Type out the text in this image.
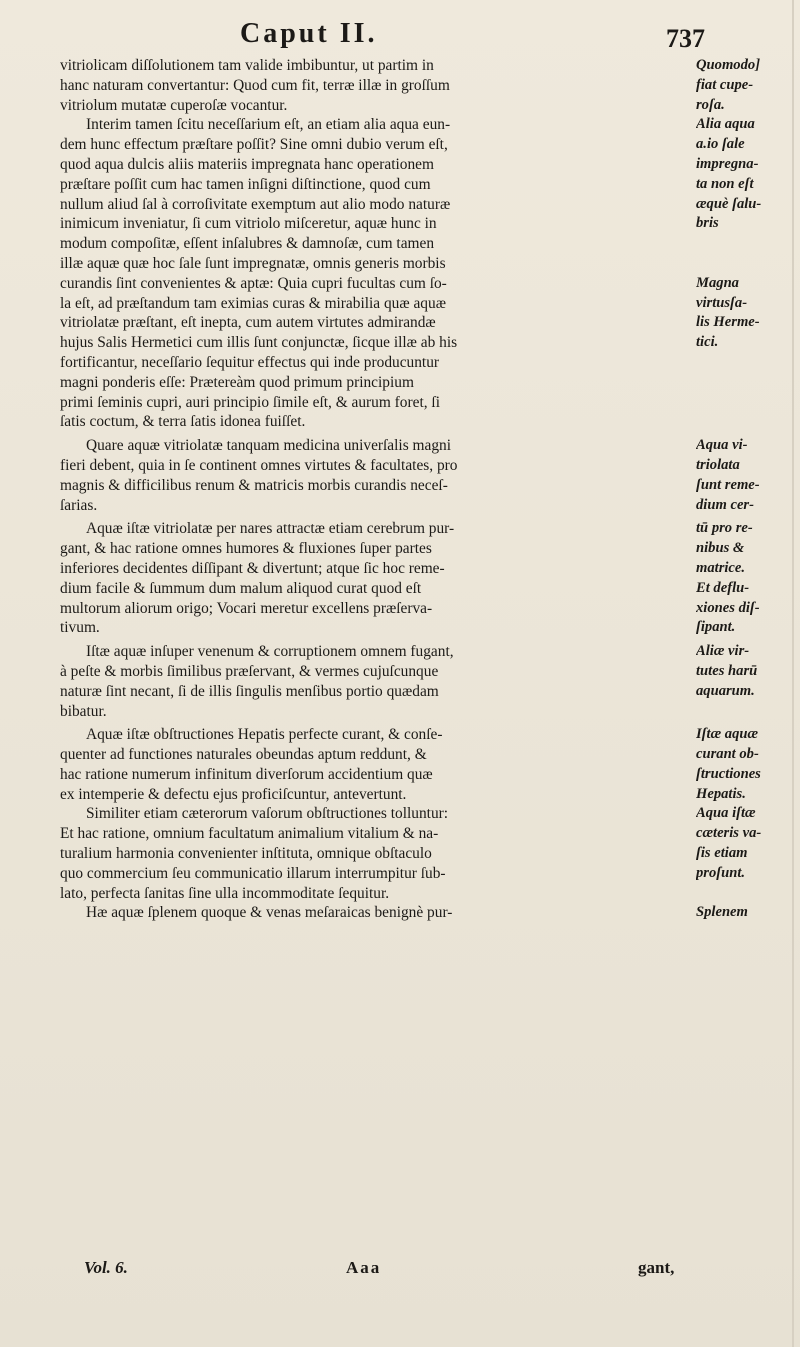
Caput II.	737
vitriolicam diſſolutionem tam valide imbibuntur, ut partim in
hanc naturam convertantur: Quod cum fit, terræ illæ in groſſum
vitriolum mutatæ cuperoſæ vocantur.
Interim tamen ſcitu neceſſarium eſt, an etiam alia aqua eun-
dem hunc effectum præſtare poſſit? Sine omni dubio verum eſt,
quod aqua dulcis aliis materiis impregnata hanc operationem
præſtare poſſit cum hac tamen inſigni diſtinctione, quod cum
nullum aliud ſal à corroſivitate exemptum aut alio modo naturæ
inimicum inveniatur, ſi cum vitriolo miſceretur, aquæ hunc in
modum compoſitæ, eſſent inſalubres & damnoſæ, cum tamen
illæ aquæ quæ hoc ſale ſunt impregnatæ, omnis generis morbis
curandis ſint convenientes & aptæ: Quia cupri fucultas cum ſo-
la eſt, ad præſtandum tam eximias curas & mirabilia quæ aquæ
vitriolatæ præſtant, eſt inepta, cum autem virtutes admirandæ
hujus Salis Hermetici cum illis ſunt conjunctæ, ſicque illæ ab his
fortificantur, neceſſario ſequitur effectus qui inde producuntur
magni ponderis eſſe: Prætereàm quod primum principium
primi ſeminis cupri, auri principio ſimile eſt, & aurum foret, ſi
ſatis coctum, & terra ſatis idonea fuiſſet.
Quare aquæ vitriolatæ tanquam medicina univerſalis magni
fieri debent, quia in ſe continent omnes virtutes & facultates, pro
magnis & difficilibus renum & matricis morbis curandis neceſ-
ſarias.
Aquæ iſtæ vitriolatæ per nares attractæ etiam cerebrum pur-
gant, & hac ratione omnes humores & fluxiones ſuper partes
inferiores decidentes diſſipant & divertunt; atque ſic hoc reme-
dium facile & ſummum dum malum aliquod curat quod eſt
multorum aliorum origo; Vocari meretur excellens præſerva-
tivum.
Iſtæ aquæ inſuper venenum & corruptionem omnem fugant,
à peſte & morbis ſimilibus præſervant, & vermes cujuſcunque
naturæ ſint necant, ſi de illis ſingulis menſibus portio quædam
bibatur.
Aquæ iſtæ obſtructiones Hepatis perfecte curant, & conſe-
quenter ad functiones naturales obeundas aptum reddunt, &
hac ratione numerum infinitum diverſorum accidentium quæ
ex intemperie & defectu ejus proficiſcuntur, antevertunt.
Similiter etiam cæterorum vaſorum obſtructiones tolluntur:
Et hac ratione, omnium facultatum animalium vitalium & na-
turalium harmonia convenienter inſtituta, omnique obſtaculo
quo commercium ſeu communicatio illarum interrumpitur ſub-
lato, perfecta ſanitas ſine ulla incommoditate ſequitur.
Hæ aquæ ſplenem quoque & venas meſaraicas benignè pur-
Quomodo]
fiat cupe-
roſa.
Alia aqua
a.io ſale
impregna-
ta non eſt
æquè ſalu-
bris
Magna
virtusſa-
lis Herme-
tici.
Aqua vi-
triolata
ſunt reme-
dium cer-
tū pro re-
nibus &
matrice.
Et deflu-
xiones diſ-
ſipant.
Aliæ vir-
tutes harū
aquarum.
Iſtæ aquæ
curant ob-
ſtructiones
Hepatis.
Aqua iſtæ
cæteris va-
ſis etiam
proſunt.
Splenem
Vol. 6.	Aaa	gant,
